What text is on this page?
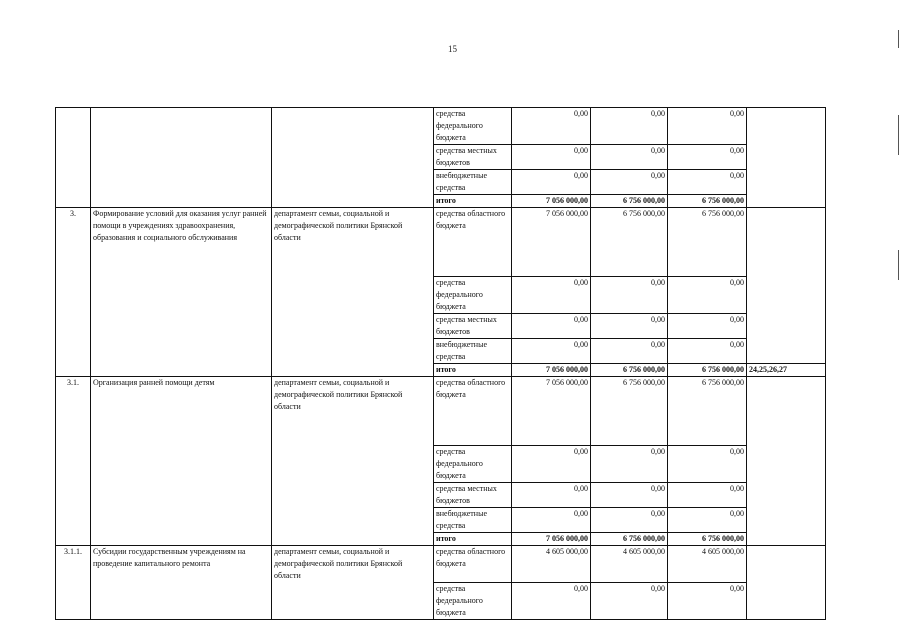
15
			средства федерального бюджета	0,00	0,00	0,00	
			средства местных бюджетов	0,00	0,00	0,00	
			внебюджетные средства	0,00	0,00	0,00	
			итого	7 056 000,00	6 756 000,00	6 756 000,00	
3.	Формирование условий для оказания услуг ранней помощи в учреждениях здравоохранения, образования и социального обслуживания	департамент семьи, социальной и демографической политики Брянской области	средства областного бюджета	7 056 000,00	6 756 000,00	6 756 000,00	
			средства федерального бюджета	0,00	0,00	0,00	
			средства местных бюджетов	0,00	0,00	0,00	
			внебюджетные средства	0,00	0,00	0,00	
			итого	7 056 000,00	6 756 000,00	6 756 000,00	24,25,26,27
3.1.	Организация ранней помощи детям	департамент семьи, социальной и демографической политики Брянской области	средства областного бюджета	7 056 000,00	6 756 000,00	6 756 000,00	
			средства федерального бюджета	0,00	0,00	0,00	
			средства местных бюджетов	0,00	0,00	0,00	
			внебюджетные средства	0,00	0,00	0,00	
			итого	7 056 000,00	6 756 000,00	6 756 000,00	
3.1.1.	Субсидии государственным учреждениям на проведение капитального ремонта	департамент семьи, социальной и демографической политики Брянской области	средства областного бюджета	4 605 000,00	4 605 000,00	4 605 000,00	
			средства федерального бюджета	0,00	0,00	0,00	
